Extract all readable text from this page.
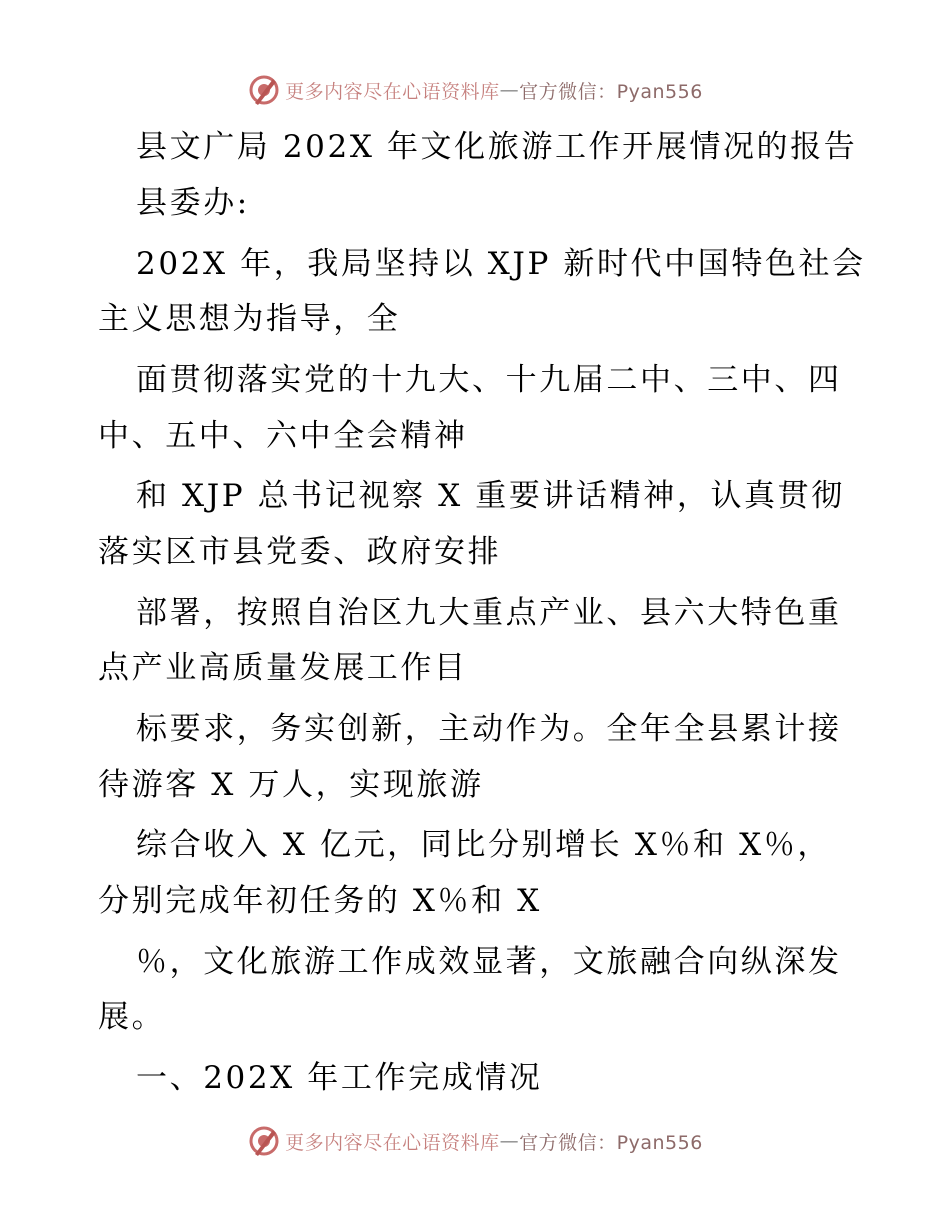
更多内容尽在心语资料库 — 官方微信：Pyan556
县文广局 202X 年文化旅游工作开展情况的报告
县委办:
202X 年，我局坚持以 XJP 新时代中国特色社会
主义思想为指导，全
面贯彻落实党的十九大、十九届二中、三中、四
中、五中、六中全会精神
和 XJP 总书记视察 X 重要讲话精神，认真贯彻
落实区市县党委、政府安排
部署，按照自治区九大重点产业、县六大特色重
点产业高质量发展工作目
标要求，务实创新，主动作为。全年全县累计接
待游客 X 万人，实现旅游
综合收入 X 亿元，同比分别增长 X％和 X％，
分别完成年初任务的 X％和 X
％，文化旅游工作成效显著，文旅融合向纵深发
展。
一、202X 年工作完成情况
更多内容尽在心语资料库 — 官方微信：Pyan556
